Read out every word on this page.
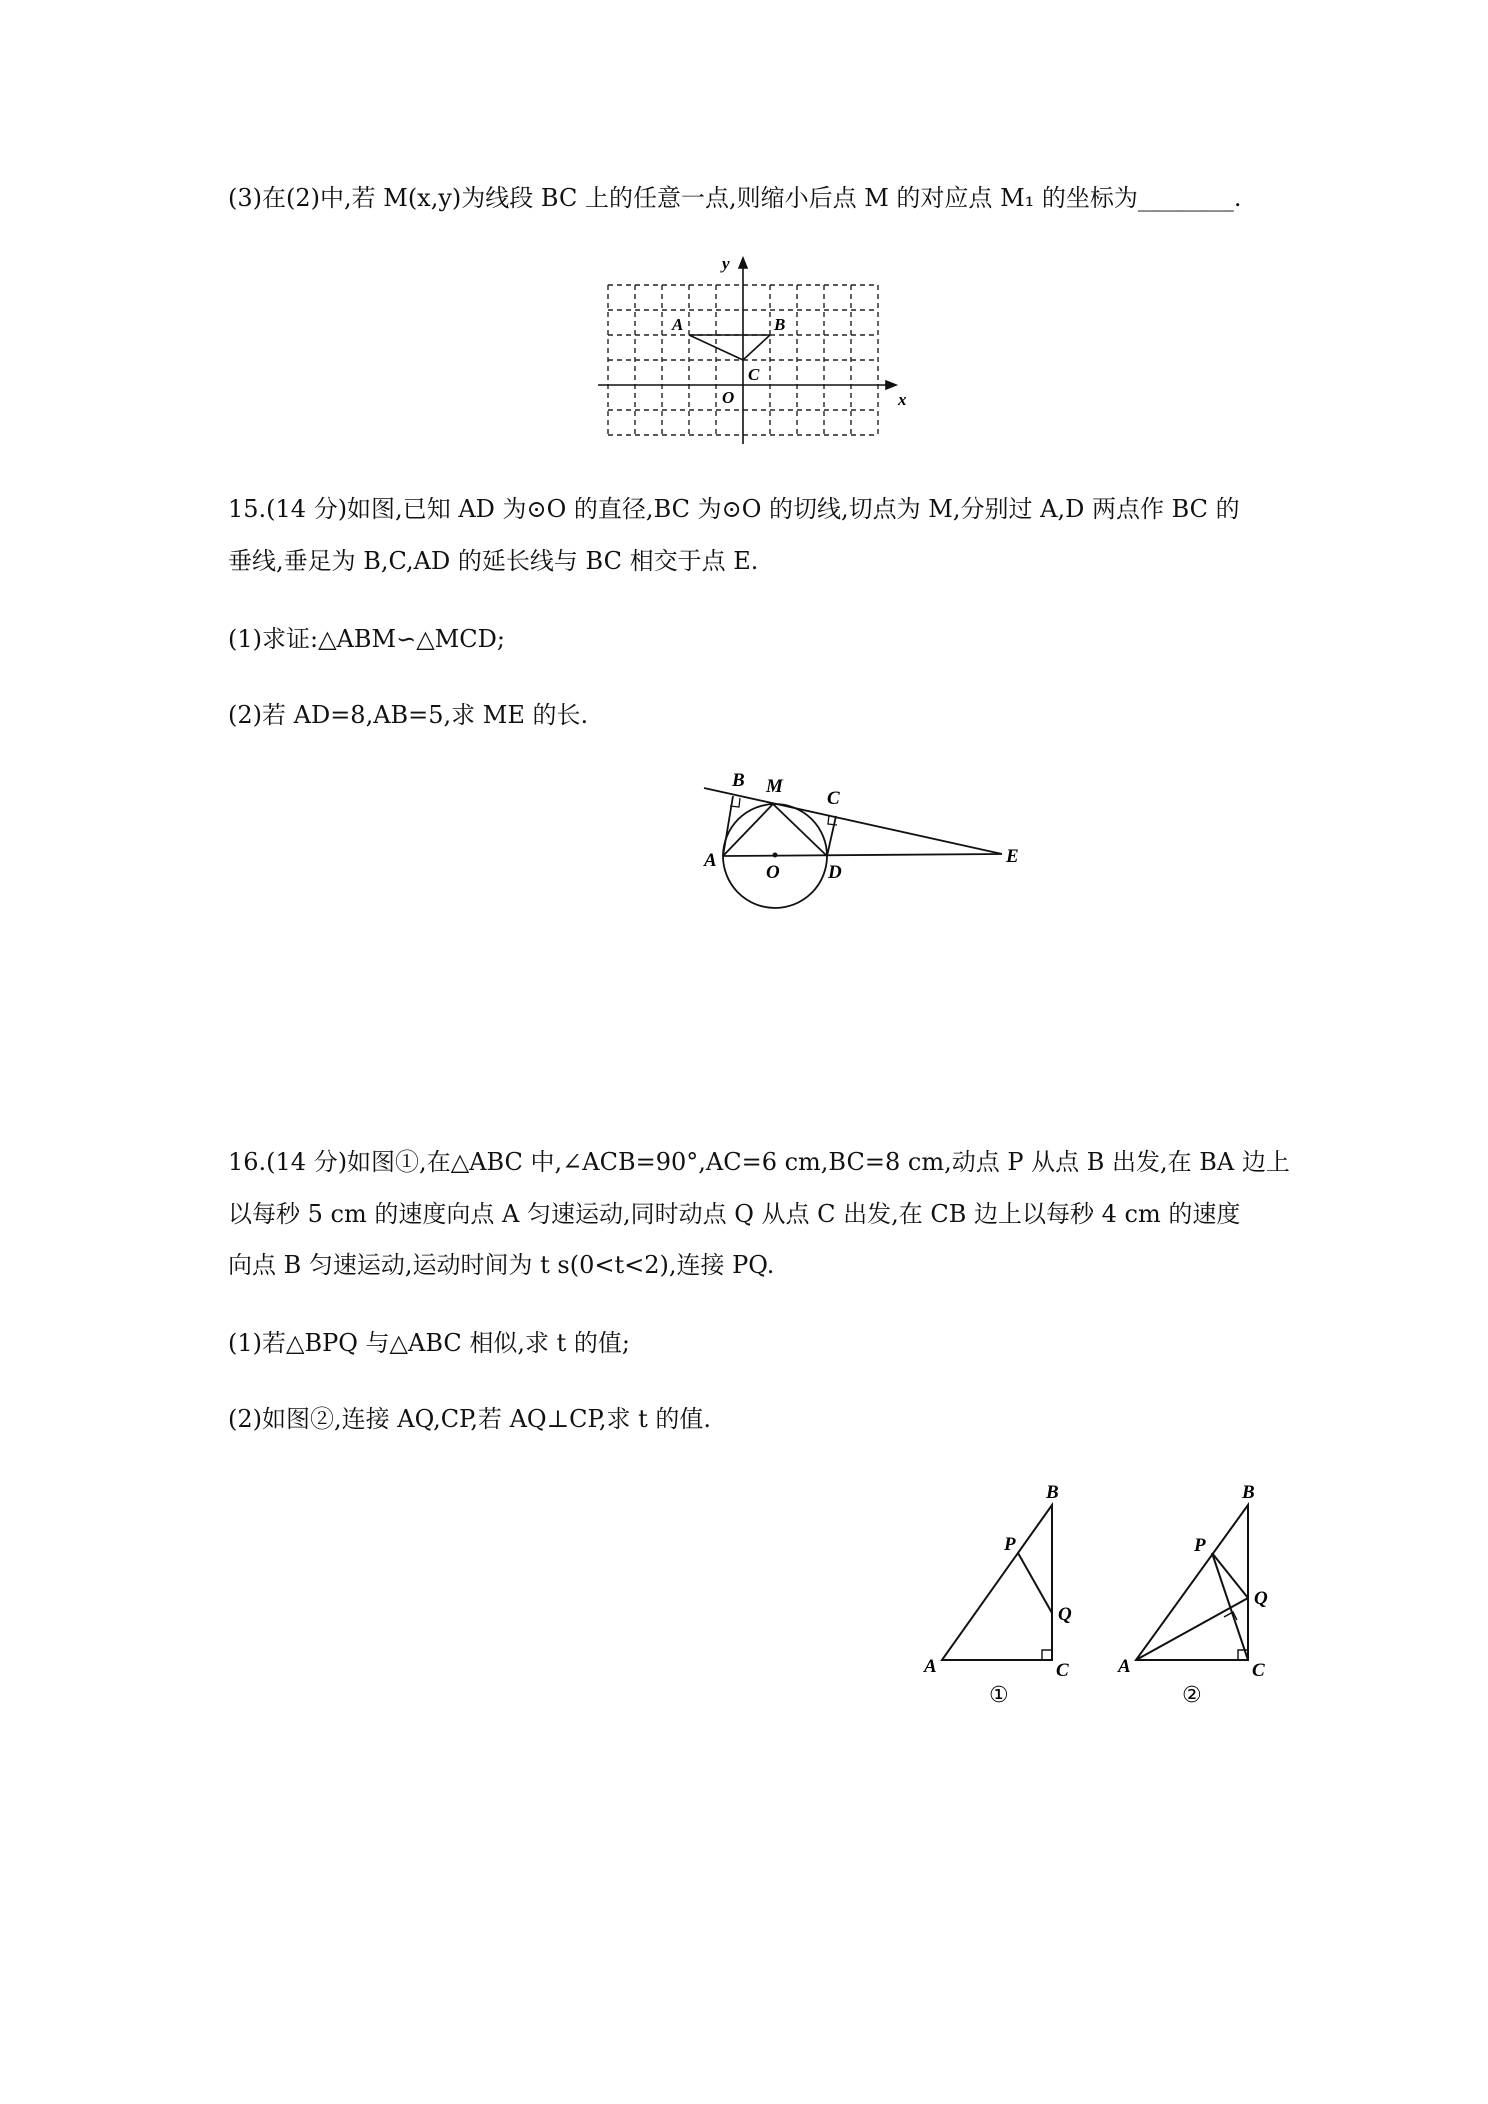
(3)在(2)中,若 M(x,y)为线段 BC 上的任意一点,则缩小后点 M 的对应点 M₁ 的坐标为________.
y
x
A	B
C
O
15.(14 分)如图,已知 AD 为⊙O 的直径,BC 为⊙O 的切线,切点为 M,分别过 A,D 两点作 BC 的
垂线,垂足为 B,C,AD 的延长线与 BC 相交于点 E.
(1)求证:△ABM∽△MCD;
(2)若 AD=8,AB=5,求 ME 的长.
A
B M
C
D
O
E
16.(14 分)如图①,在△ABC 中,∠ACB=90°,AC=6 cm,BC=8 cm,动点 P 从点 B 出发,在 BA 边上
以每秒 5 cm 的速度向点 A 匀速运动,同时动点 Q 从点 C 出发,在 CB 边上以每秒 4 cm 的速度
向点 B 匀速运动,运动时间为 t s(0<t<2),连接 PQ.
(1)若△BPQ 与△ABC 相似,求 t 的值;
(2)如图②,连接 AQ,CP,若 AQ⊥CP,求 t 的值.
A
B
C
P
Q
①
A
B
C
P
Q
②
